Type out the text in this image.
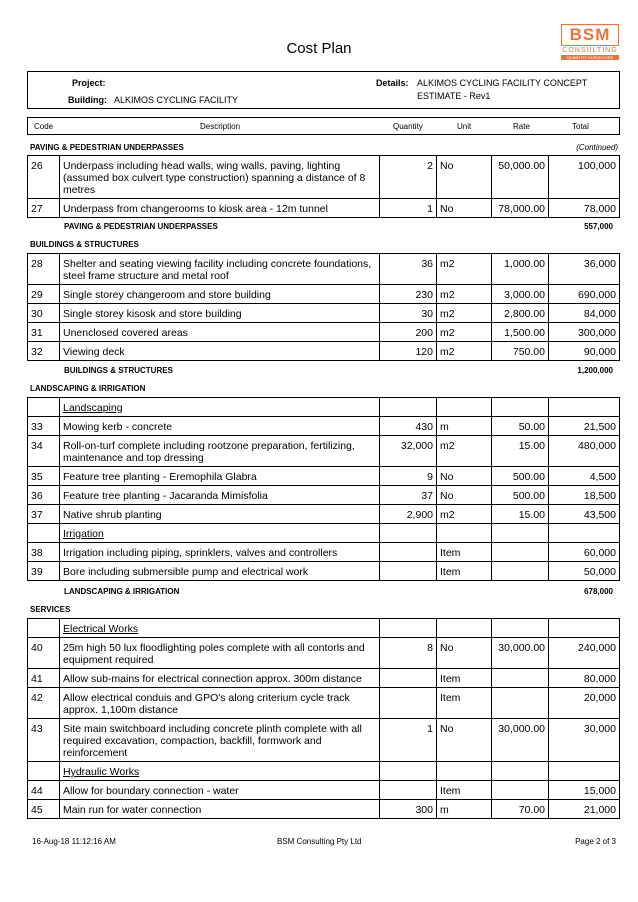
Cost Plan
BSM
CONSULTING
QUANTITY SURVEYORS
Project:
Building: ALKIMOS CYCLING FACILITY
Details: ALKIMOS CYCLING FACILITY CONCEPT
ESTIMATE - Rev1
Code	Description	Quantity	Unit	Rate	Total
PAVING & PEDESTRIAN UNDERPASSES	(Continued)
26	Underpass including head walls, wing walls, paving, lighting (assumed box culvert type construction) spanning a distance of 8 metres	2	No	50,000.00	100,000
27	Underpass from changerooms to kiosk area - 12m tunnel	1	No	78,000.00	78,000
PAVING & PEDESTRIAN UNDERPASSES	557,000
BUILDINGS & STRUCTURES
28	Shelter and seating viewing facility including concrete foundations, steel frame structure and metal roof	36	m2	1,000.00	36,000
29	Single storey changeroom and store building	230	m2	3,000.00	690,000
30	Single storey kisosk and store building	30	m2	2,800.00	84,000
31	Unenclosed covered areas	200	m2	1,500.00	300,000
32	Viewing deck	120	m2	750.00	90,000
BUILDINGS & STRUCTURES	1,200,000
LANDSCAPING & IRRIGATION
	Landscaping				
33	Mowing kerb - concrete	430	m	50.00	21,500
34	Roll-on-turf complete including rootzone preparation, fertilizing, maintenance and top dressing	32,000	m2	15.00	480,000
35	Feature tree planting - Eremophila Glabra	9	No	500.00	4,500
36	Feature tree planting - Jacaranda Mimisfolia	37	No	500.00	18,500
37	Native shrub planting	2,900	m2	15.00	43,500
	Irrigation				
38	Irrigation including piping, sprinklers, valves and controllers		Item		60,000
39	Bore including submersible pump and electrical work		Item		50,000
LANDSCAPING & IRRIGATION	678,000
SERVICES
	Electrical Works				
40	25m high 50 lux floodlighting poles complete with all contorls and equipment required	8	No	30,000.00	240,000
41	Allow sub-mains for electrical connection approx. 300m distance		Item		80,000
42	Allow electrical conduis and GPO's along criterium cycle track approx. 1,100m distance		Item		20,000
43	Site main switchboard including concrete plinth complete with all required excavation, compaction, backfill, formwork and reinforcement	1	No	30,000.00	30,000
	Hydraulic Works				
44	Allow for boundary connection - water		Item		15,000
45	Main run for water connection	300	m	70.00	21,000
16-Aug-18 11:12:16 AM	BSM Consulting Pty Ltd	Page 2 of 3
